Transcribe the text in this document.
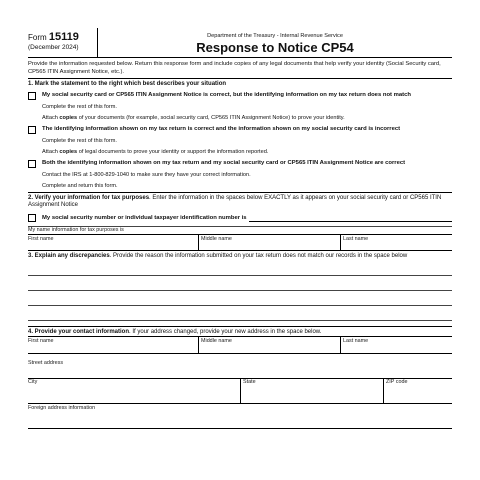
Form 15119
(December 2024)
Department of the Treasury - Internal Revenue Service
Response to Notice CP54
Provide the information requested below. Return this response form and include copies of any legal documents that help verify your identity (Social Security card, CP565 ITIN Assignment Notice, etc.).
1. Mark the statement to the right which best describes your situation
My social security card or CP565 ITIN Assignment Notice is correct, but the identifying information on my tax return does not match
Complete the rest of this form.
Attach copies of your documents (for example, social security card, CP565 ITIN Assignment Notice) to prove your identity.
The identifying information shown on my tax return is correct and the information shown on my social security card is incorrect
Complete the rest of this form.
Attach copies of legal documents to prove your identity or support the information reported.
Both the identifying information shown on my tax return and my social security card or CP565 ITIN Assignment Notice are correct
Contact the IRS at 1-800-829-1040 to make sure they have your correct information.
Complete and return this form.
2. Verify your information for tax purposes. Enter the information in the spaces below EXACTLY as it appears on your social security card or CP565 ITIN Assignment Notice
My social security number or individual taxpayer identification number is
My name information for tax purposes is
First name	Middle name	Last name
3. Explain any discrepancies. Provide the reason the information submitted on your tax return does not match our records in the space below
4. Provide your contact information. If your address changed, provide your new address in the space below.
First name	Middle name	Last name
Street address
City	State	ZIP code
Foreign address information
